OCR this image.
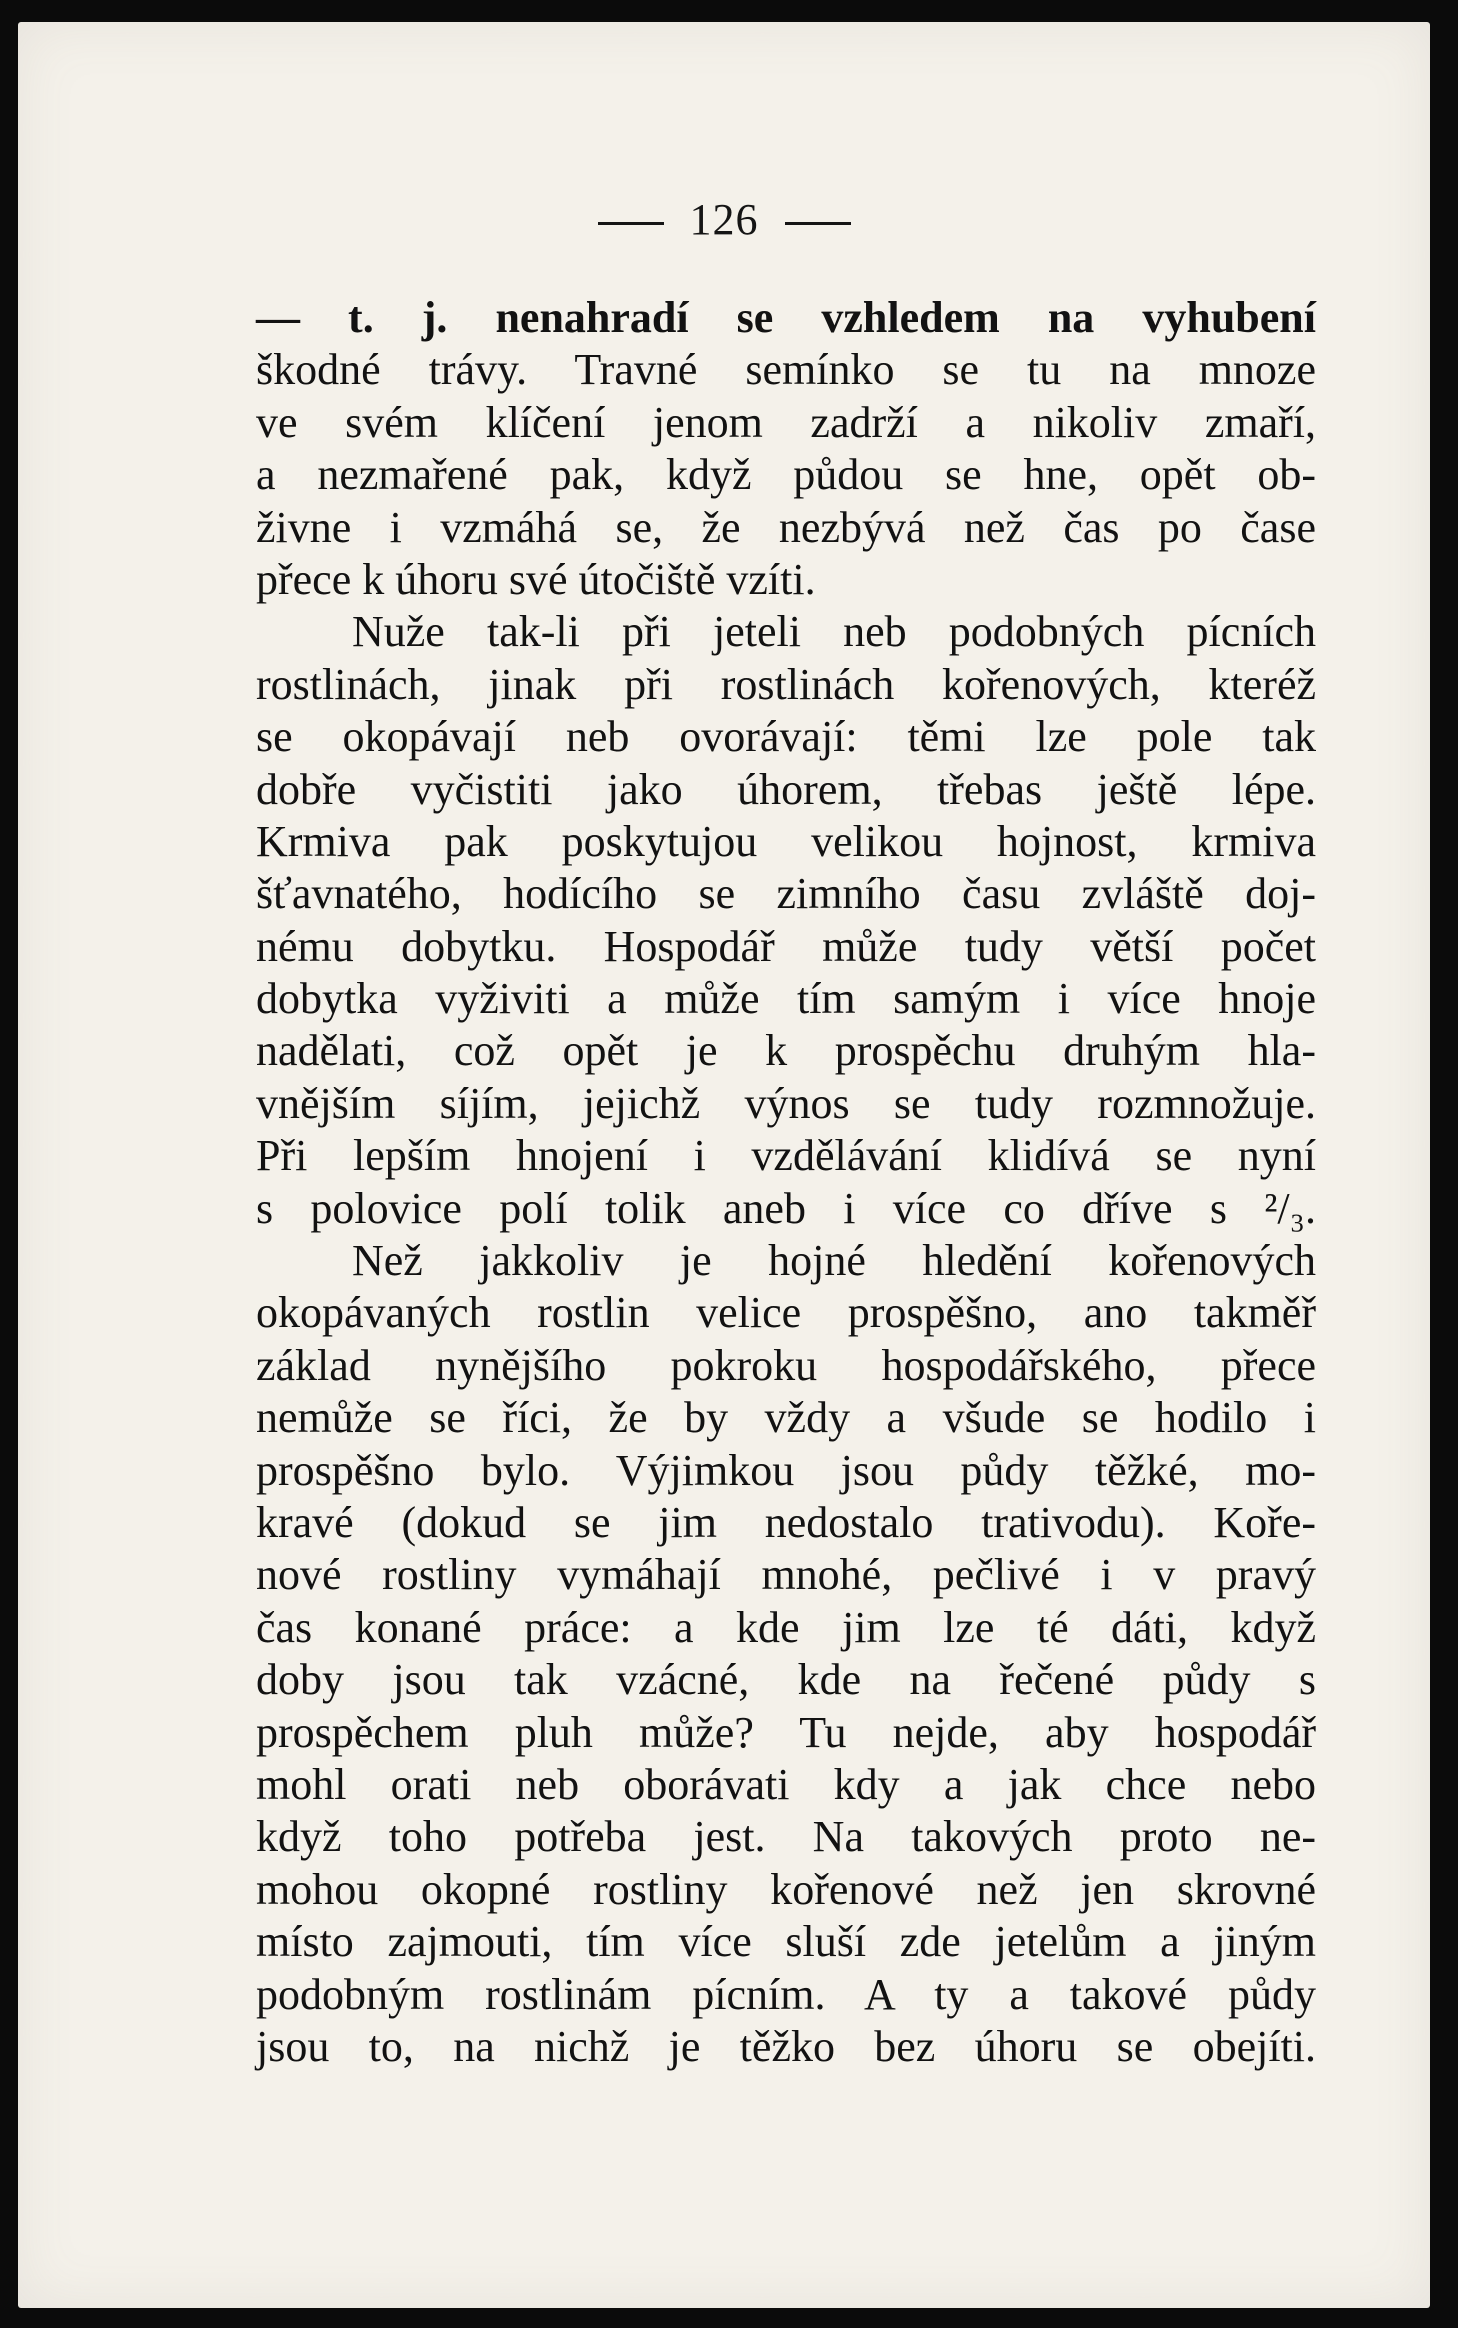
126
— t. j. nenahradí se vzhledem na vyhubení
škodné trávy. Travné semínko se tu na mnoze
ve svém klíčení jenom zadrží a nikoliv zmaří,
a nezmařené pak, když půdou se hne, opět ob-
živne i vzmáhá se, že nezbývá než čas po čase
přece k úhoru své útočiště vzíti.
Nuže tak-li při jeteli neb podobných pícních
rostlinách, jinak při rostlinách kořenových, kteréž
se okopávají neb ovorávají: těmi lze pole tak
dobře vyčistiti jako úhorem, třebas ještě lépe.
Krmiva pak poskytujou velikou hojnost, krmiva
šťavnatého, hodícího se zimního času zvláště doj-
nému dobytku. Hospodář může tudy větší počet
dobytka vyživiti a může tím samým i více hnoje
nadělati, což opět je k prospěchu druhým hla-
vnějším síjím, jejichž výnos se tudy rozmnožuje.
Při lepším hnojení i vzdělávání klidívá se nyní
s polovice polí tolik aneb i více co dříve s ²/₃.
Než jakkoliv je hojné hledění kořenových
okopávaných rostlin velice prospěšno, ano takměř
základ nynějšího pokroku hospodářského, přece
nemůže se říci, že by vždy a všude se hodilo i
prospěšno bylo. Výjimkou jsou půdy těžké, mo-
kravé (dokud se jim nedostalo trativodu). Kořе-
nové rostliny vymáhají mnohé, pečlivé i v pravý
čas konané práce: a kde jim lze té dáti, když
doby jsou tak vzácné, kde na řečené půdy s
prospěchem pluh může? Tu nejde, aby hospodář
mohl orati neb oborávati kdy a jak chce nebo
když toho potřeba jest. Na takových proto ne-
mohou okopné rostliny kořenové než jen skrovné
místo zajmouti, tím více sluší zde jetelům a jiným
podobným rostlinám pícním. A ty a takové půdy
jsou to, na nichž je těžko bez úhoru se obejíti.
